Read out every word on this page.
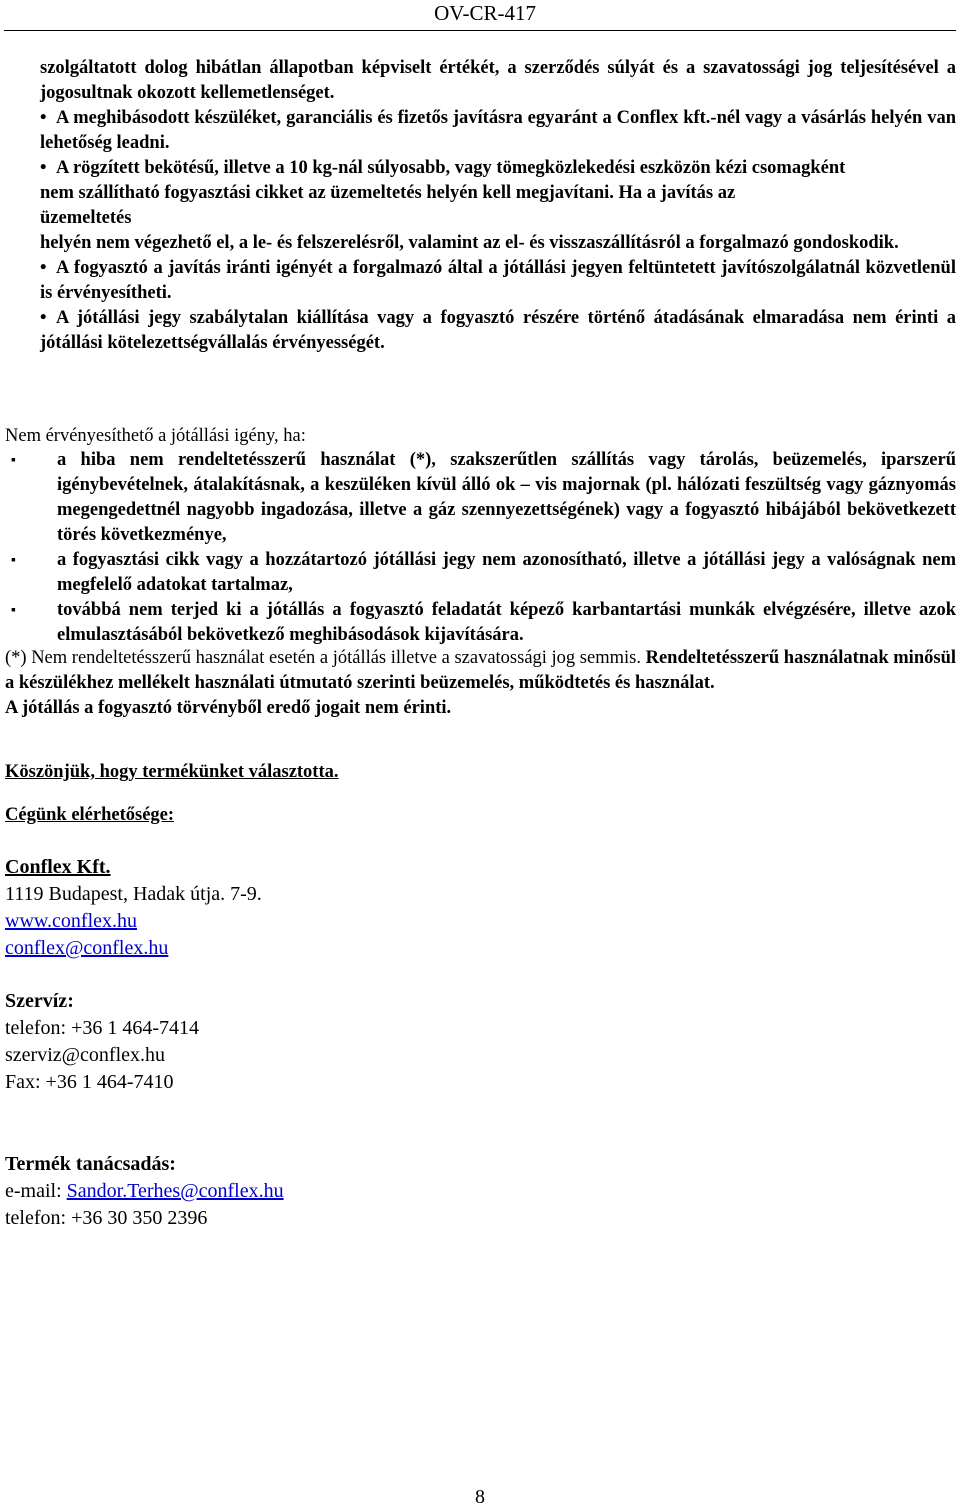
OV-CR-417
szolgáltatott dolog hibátlan állapotban képviselt értékét, a szerződés súlyát és a szavatossági jog teljesítésével a jogosultnak okozott kellemetlenséget.
• A meghibásodott készüléket, garanciális és fizetős javításra egyaránt a Conflex kft.-nél vagy a vásárlás helyén van lehetőség leadni.
• A rögzített bekötésű, illetve a 10 kg-nál súlyosabb, vagy tömegközlekedési eszközön kézi csomagként
nem szállítható fogyasztási cikket az üzemeltetés helyén kell megjavítani. Ha a javítás az
üzemeltetés
helyén nem végezhető el, a le- és felszerelésről, valamint az el- és visszaszállításról a forgalmazó gondoskodik.
• A fogyasztó a javítás iránti igényét a forgalmazó által a jótállási jegyen feltüntetett javítószolgálatnál közvetlenül is érvényesítheti.
• A jótállási jegy szabálytalan kiállítása vagy a fogyasztó részére történő átadásának elmaradása nem érinti a jótállási kötelezettségvállalás érvényességét.
Nem érvényesíthető a jótállási igény, ha:
▪ a hiba nem rendeltetésszerű használat (*), szakszerűtlen szállítás vagy tárolás, beüzemelés, iparszerű igénybevételnek, átalakításnak, a keszüléken kívül álló ok – vis majornak (pl. hálózati feszültség vagy gáznyomás megengedettnél nagyobb ingadozása, illetve a gáz szennyezettségének) vagy a fogyasztó hibájából bekövetkezett törés következménye,
▪ a fogyasztási cikk vagy a hozzátartozó jótállási jegy nem azonosítható, illetve a jótállási jegy a valóságnak nem megfelelő adatokat tartalmaz,
▪ továbbá nem terjed ki a jótállás a fogyasztó feladatát képező karbantartási munkák elvégzésére, illetve azok elmulasztásából bekövetkező meghibásodások kijavítására.
(*) Nem rendeltetésszerű használat esetén a jótállás illetve a szavatossági jog semmis. Rendeltetésszerű használatnak minősül a készülékhez mellékelt használati útmutató szerinti beüzemelés, működtetés és használat.
A jótállás a fogyasztó törvényből eredő jogait nem érinti.
Köszönjük, hogy termékünket választotta.
Cégünk elérhetősége:
Conflex Kft.
1119 Budapest, Hadak útja. 7-9.
www.conflex.hu
conflex@conflex.hu
Szervíz:
telefon: +36 1 464-7414
szerviz@conflex.hu
Fax: +36 1 464-7410
Termék tanácsadás:
e-mail: Sandor.Terhes@conflex.hu
telefon: +36 30 350 2396
8
